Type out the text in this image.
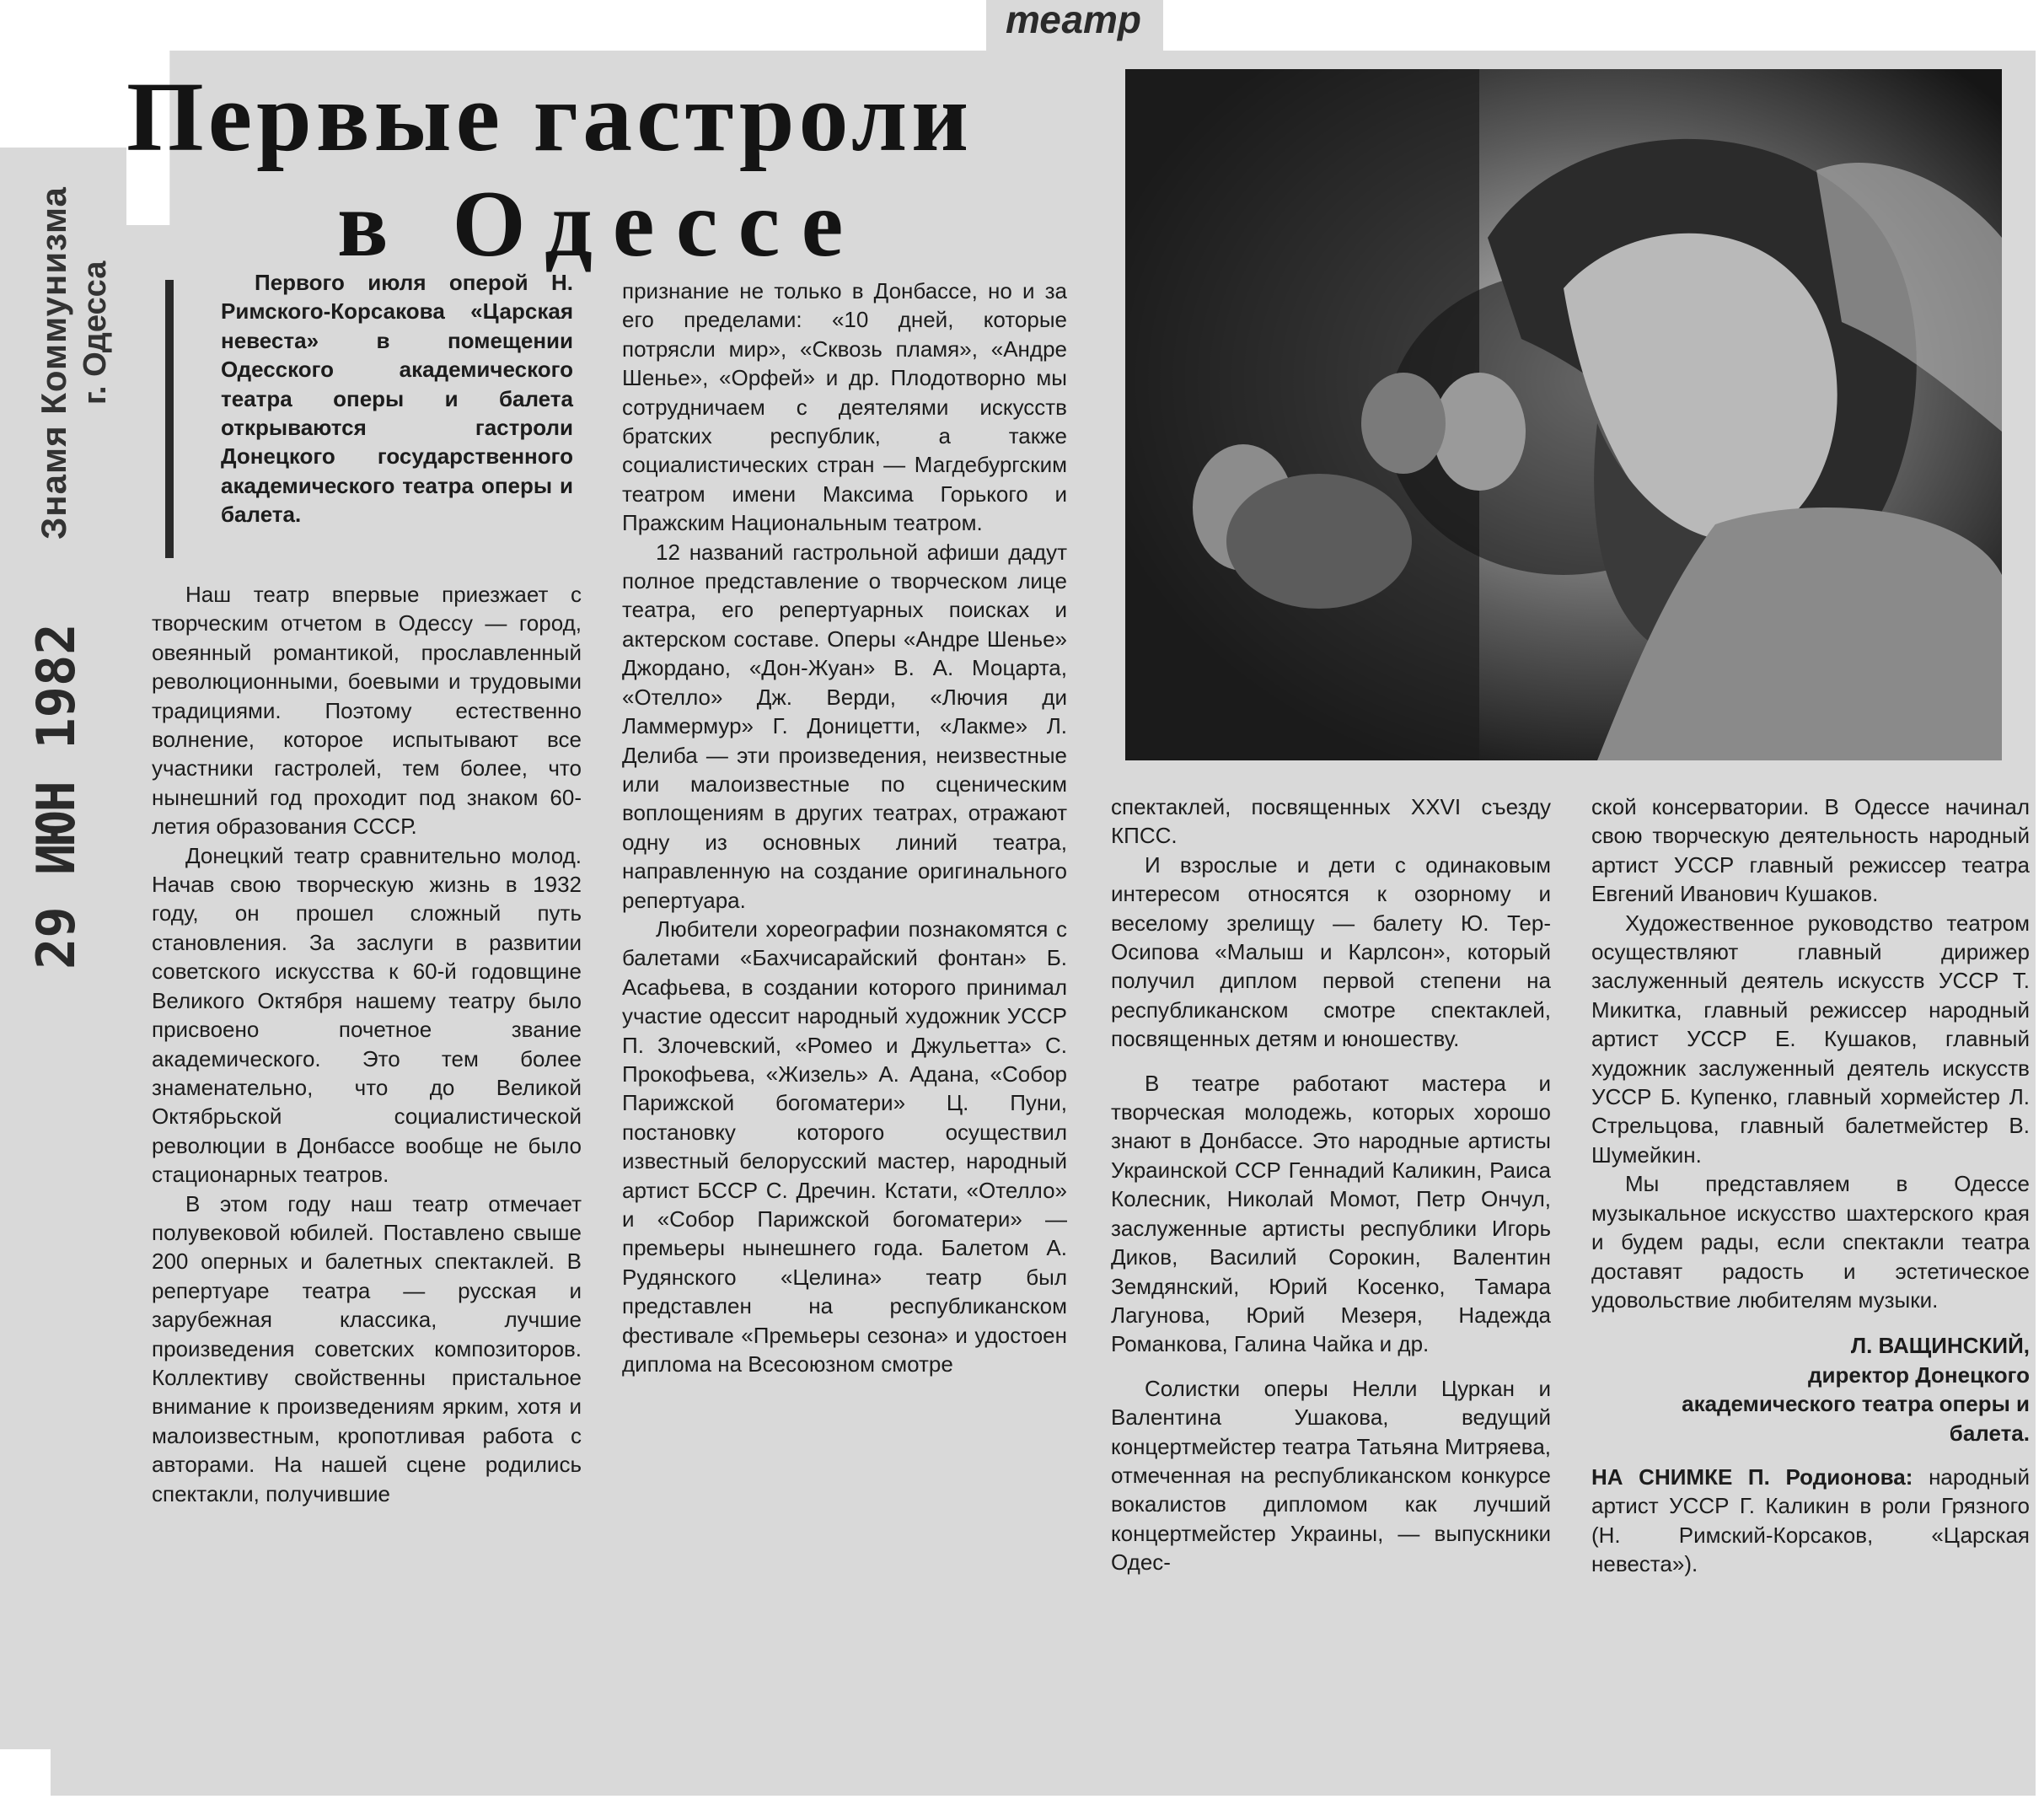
театр
Знамя Коммунизма г. Одесса
29 ИЮН 1982
Первые гастроли
в Одессе
Первого июля оперой Н. Римского-Корсакова «Царская невеста» в помещении Одесского академического театра оперы и балета открываются гастроли Донецкого государственного академического театра оперы и балета.

Наш театр впервые приезжает с творческим отчетом в Одессу — город, овеянный романтикой, прославленный революционными, боевыми и трудовыми традициями. Поэтому естественно волнение, которое испытывают все участники гастролей, тем более, что нынешний год проходит под знаком 60-летия образования СССР.

Донецкий театр сравнительно молод. Начав свою творческую жизнь в 1932 году, он прошел сложный путь становления. За заслуги в развитии советского искусства к 60-й годовщине Великого Октября нашему театру было присвоено почетное звание академического. Это тем более знаменательно, что до Великой Октябрьской социалистической революции в Донбассе вообще не было стационарных театров.

В этом году наш театр отмечает полувековой юбилей. Поставлено свыше 200 оперных и балетных спектаклей. В репертуаре театра — русская и зарубежная классика, лучшие произведения советских композиторов. Коллективу свойственны пристальное внимание к произведениям ярким, хотя и малоизвестным, кропотливая работа с авторами. На нашей сцене родились спектакли, получившие

признание не только в Донбассе, но и за его пределами: «10 дней, которые потрясли мир», «Сквозь пламя», «Андре Шенье», «Орфей» и др. Плодотворно мы сотрудничаем с деятелями искусств братских республик, а также социалистических стран — Магдебургским театром имени Максима Горького и Пражским Национальным театром.

12 названий гастрольной афиши дадут полное представление о творческом лице театра, его репертуарных поисках и актерском составе. Оперы «Андре Шенье» Джордано, «Дон-Жуан» В. А. Моцарта, «Отелло» Дж. Верди, «Лючия ди Ламмермур» Г. Доницетти, «Лакме» Л. Делиба — эти произведения, неизвестные или малоизвестные по сценическим воплощениям в других театрах, отражают одну из основных линий театра, направленную на создание оригинального репертуара.

Любители хореографии познакомятся с балетами «Бахчисарайский фонтан» Б. Асафьева, в создании которого принимал участие одессит народный художник УССР П. Злочевский, «Ромео и Джульетта» С. Прокофьева, «Жизель» А. Адана, «Собор Парижской богоматери» Ц. Пуни, постановку которого осуществил известный белорусский мастер, народный артист БССР С. Дречин. Кстати, «Отелло» и «Собор Парижской богоматери» — премьеры нынешнего года. Балетом А. Рудянского «Целина» театр был представлен на республиканском фестивале «Премьеры сезона» и удостоен диплома на Всесоюзном смотре

спектаклей, посвященных XXVI съезду КПСС.

И взрослые и дети с одинаковым интересом относятся к озорному и веселому зрелищу — балету Ю. Тер-Осипова «Малыш и Карлсон», который получил диплом первой степени на республиканском смотре спектаклей, посвященных детям и юношеству.

В театре работают мастера и творческая молодежь, которых хорошо знают в Донбассе. Это народные артисты Украинской ССР Геннадий Каликин, Раиса Колесник, Николай Момот, Петр Ончул, заслуженные артисты республики Игорь Диков, Василий Сорокин, Валентин Земдянский, Юрий Косенко, Тамара Лагунова, Юрий Мезеря, Надежда Романкова, Галина Чайка и др.

Солистки оперы Нелли Цуркан и Валентина Ушакова, ведущий концертмейстер театра Татьяна Митряева, отмеченная на республиканском конкурсе вокалистов дипломом как лучший концертмейстер Украины, — выпускники Одес-

ской консерватории. В Одессе начинал свою творческую деятельность народный артист УССР главный режиссер театра Евгений Иванович Кушаков.

Художественное руководство театром осуществляют главный дирижер заслуженный деятель искусств УССР Т. Микитка, главный режиссер народный артист УССР Е. Кушаков, главный художник заслуженный деятель искусств УССР Б. Купенко, главный хормейстер Л. Стрельцова, главный балетмейстер В. Шумейкин.

Мы представляем в Одессе музыкальное искусство шахтерского края и будем рады, если спектакли театра доставят радость и эстетическое удовольствие любителям музыки.

Л. ВАЩИНСКИЙ,

директор Донецкого академического театра оперы и балета.

НА СНИМКЕ П. Родионова: народный артист УССР Г. Каликин в роли Грязного (Н. Римский-Корсаков, «Царская невеста»).
